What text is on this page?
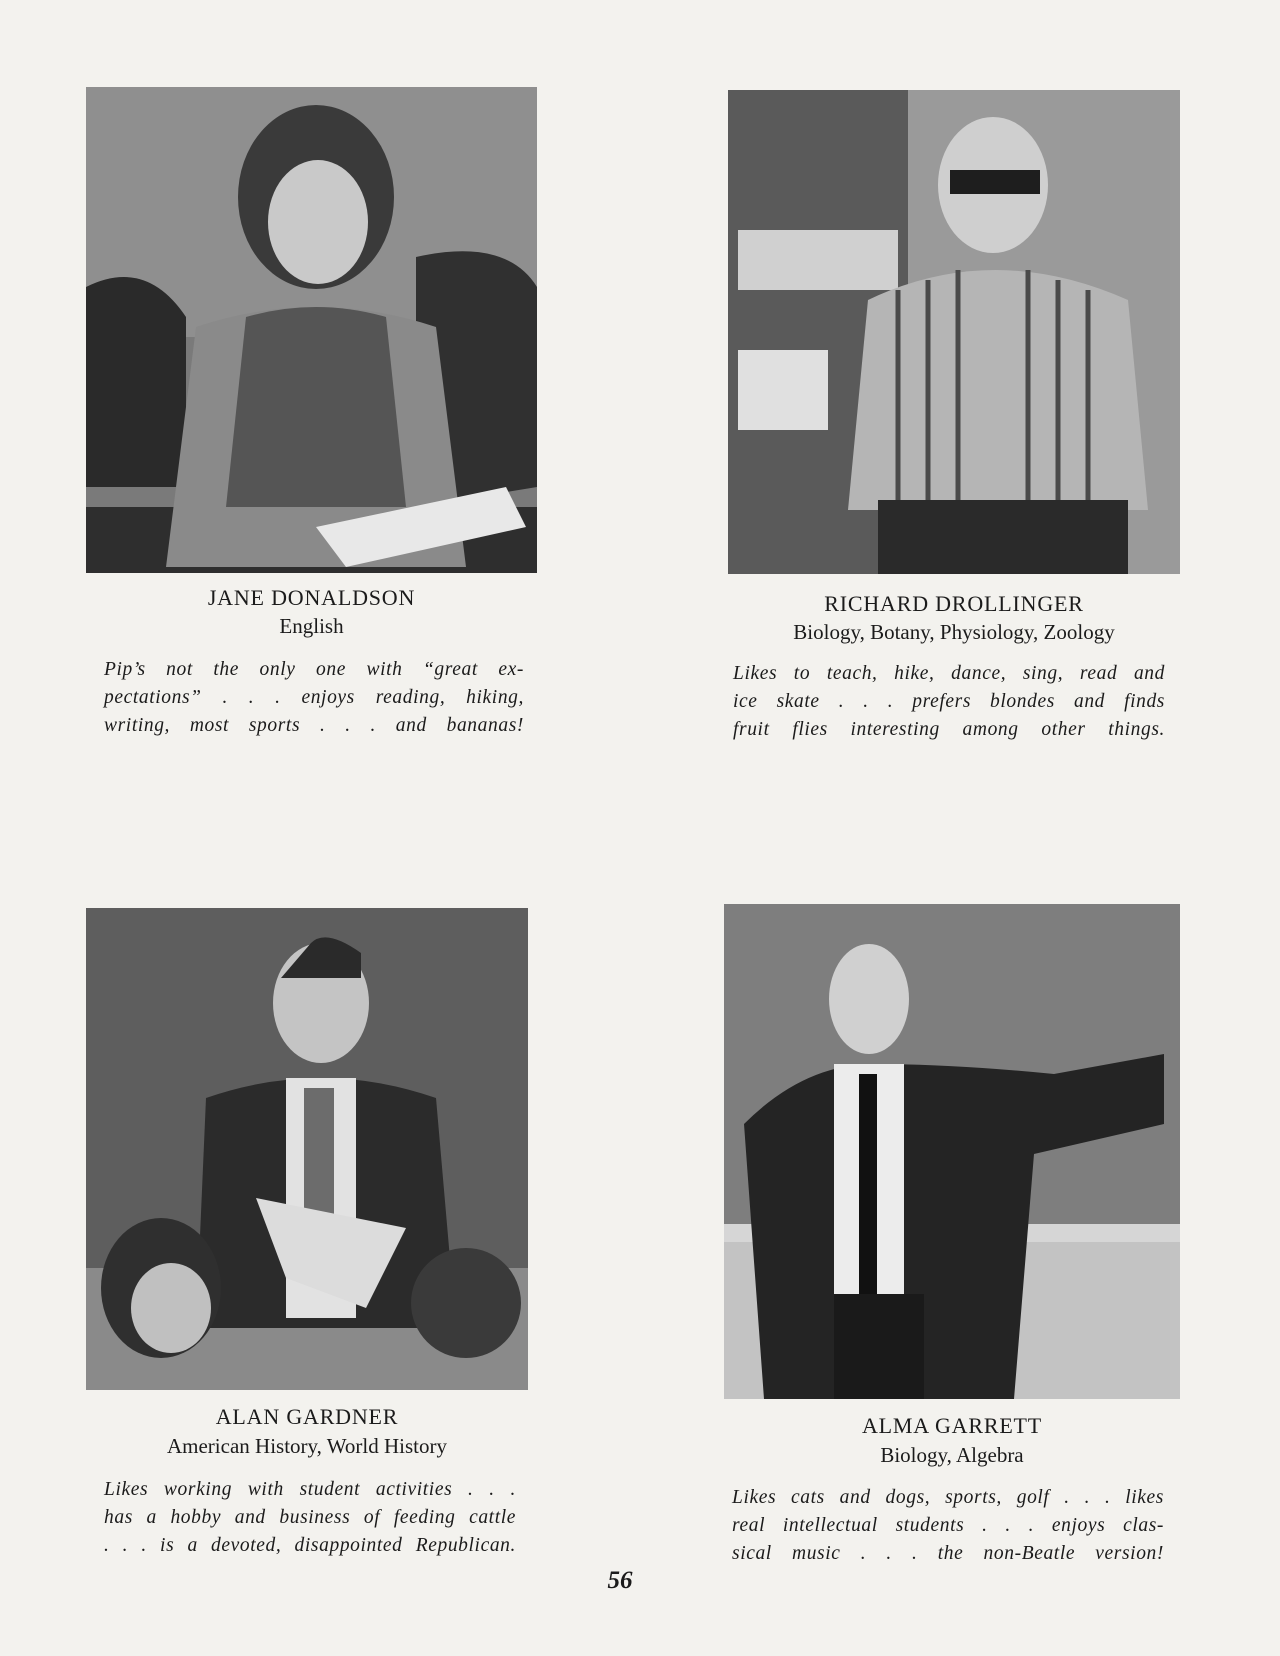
JANE DONALDSON
English
Pip’s not the only one with “great ex-
pectations” . . . enjoys reading, hiking,
writing, most sports . . . and bananas!
RICHARD DROLLINGER
Biology, Botany, Physiology, Zoology
Likes to teach, hike, dance, sing, read and
ice skate . . . prefers blondes and finds
fruit flies interesting among other things.
ALAN GARDNER
American History, World History
Likes working with student activities . . .
has a hobby and business of feeding cattle
. . . is a devoted, disappointed Republican.
ALMA GARRETT
Biology, Algebra
Likes cats and dogs, sports, golf . . . likes
real intellectual students . . . enjoys clas-
sical music . . . the non-Beatle version!
56
